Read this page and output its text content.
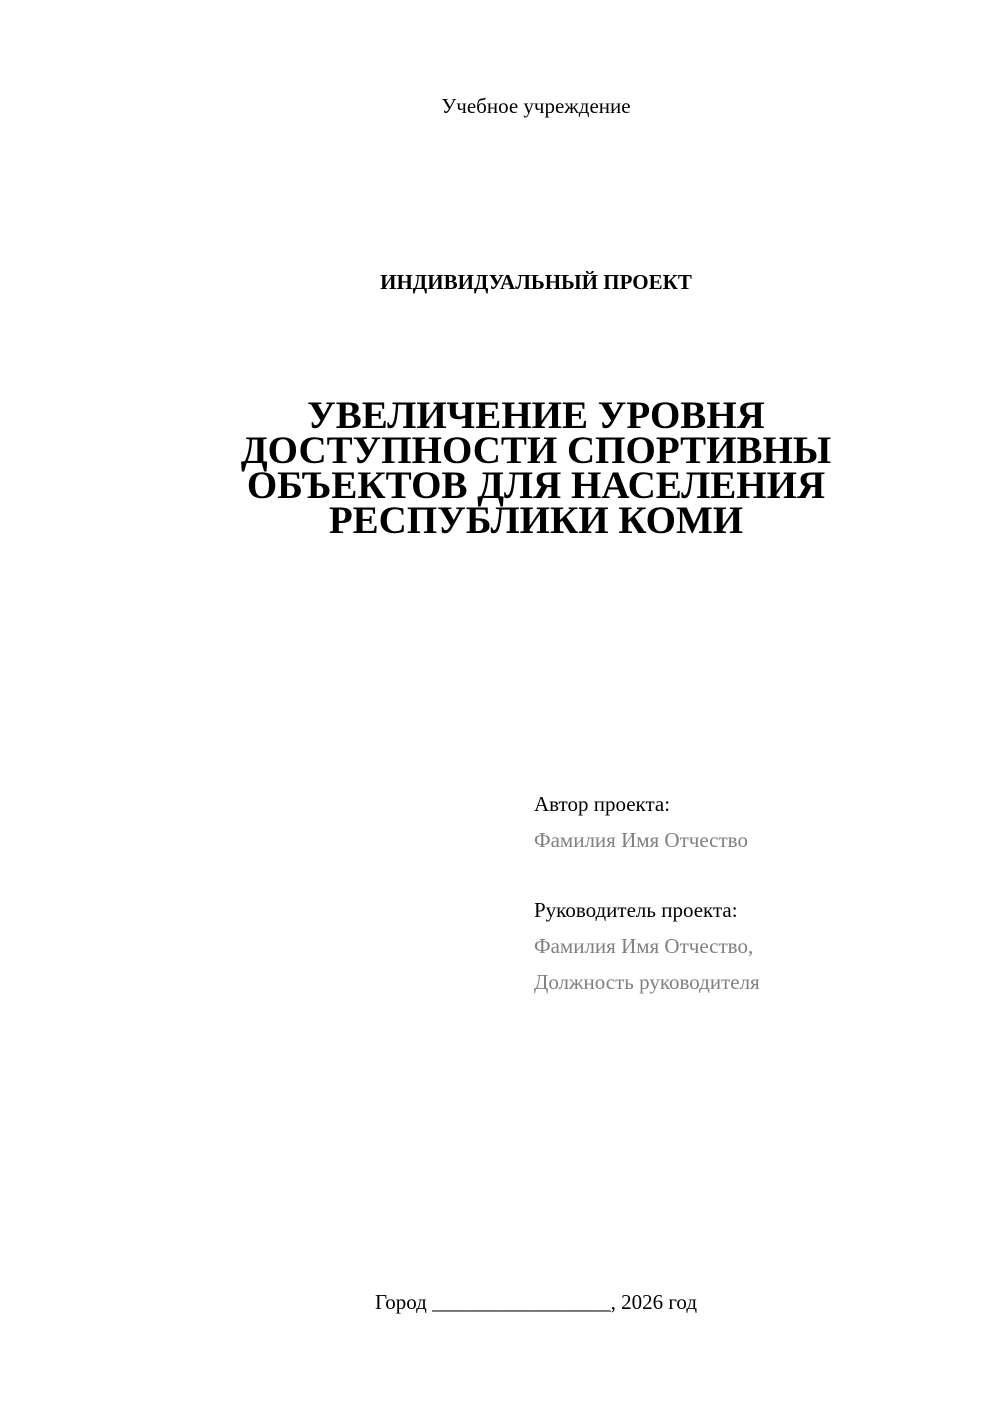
Учебное учреждение
ИНДИВИДУАЛЬНЫЙ ПРОЕКТ
УВЕЛИЧЕНИЕ УРОВНЯ
ДОСТУПНОСТИ СПОРТИВНЫ
ОБЪЕКТОВ ДЛЯ НАСЕЛЕНИЯ
РЕСПУБЛИКИ КОМИ
Автор проекта:
Фамилия Имя Отчество
Руководитель проекта:
Фамилия Имя Отчество,
Должность руководителя
Город _________________, 2026 год
